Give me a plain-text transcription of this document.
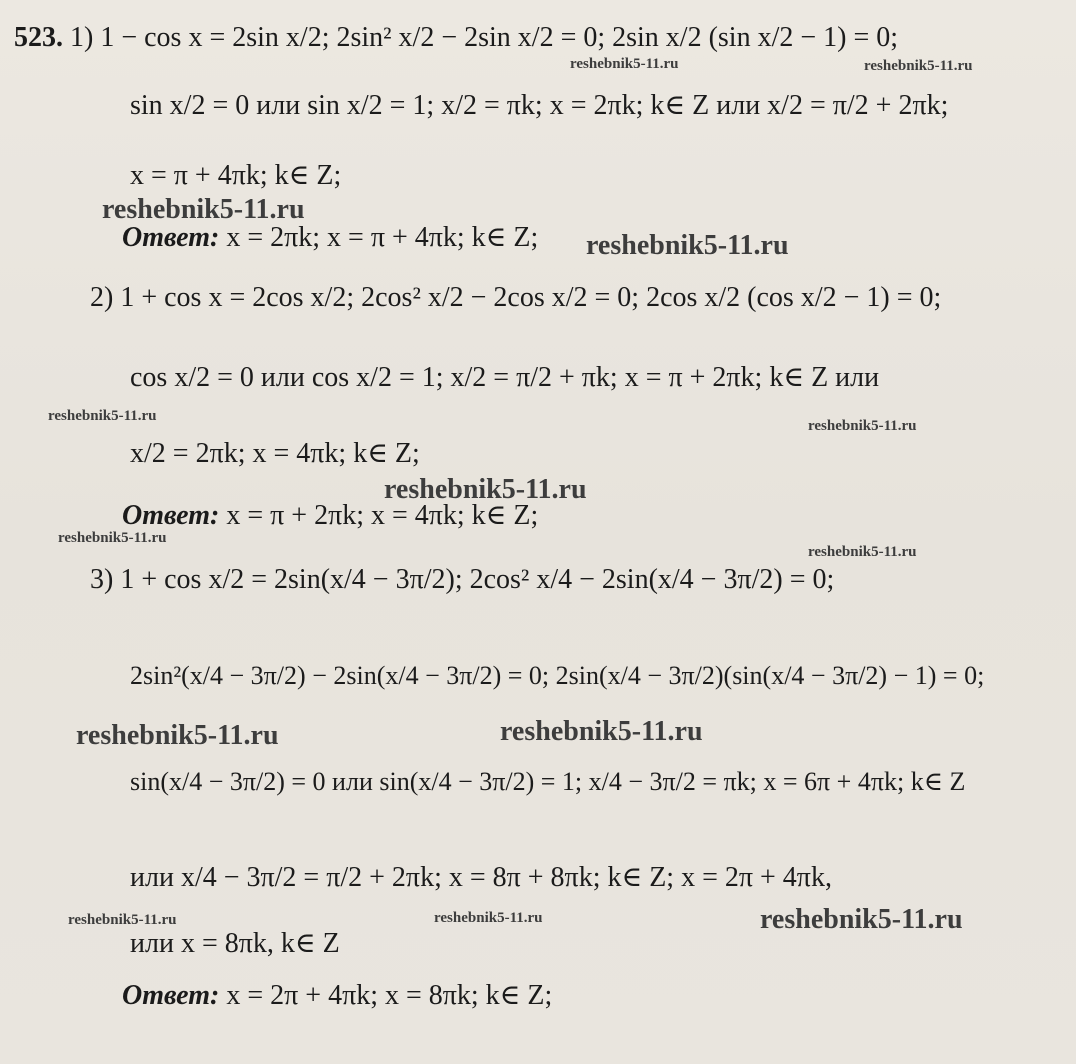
523. 1) 1 − cos x = 2sin x/2; 2sin² x/2 − 2sin x/2 = 0; 2sin x/2 (sin x/2 − 1) = 0;
sin x/2 = 0 или sin x/2 = 1; x/2 = πk; x = 2πk; k∈ Z или x/2 = π/2 + 2πk;
x = π + 4πk; k∈ Z;
Ответ: x = 2πk; x = π + 4πk; k∈ Z;
2) 1 + cos x = 2cos x/2; 2cos² x/2 − 2cos x/2 = 0; 2cos x/2 (cos x/2 − 1) = 0;
cos x/2 = 0 или cos x/2 = 1; x/2 = π/2 + πk; x = π + 2πk; k∈ Z или
x/2 = 2πk; x = 4πk; k∈ Z;
Ответ: x = π + 2πk; x = 4πk; k∈ Z;
3) 1 + cos x/2 = 2sin(x/4 − 3π/2); 2cos² x/4 − 2sin(x/4 − 3π/2) = 0;
2sin²(x/4 − 3π/2) − 2sin(x/4 − 3π/2) = 0; 2sin(x/4 − 3π/2)(sin(x/4 − 3π/2) − 1) = 0;
sin(x/4 − 3π/2) = 0 или sin(x/4 − 3π/2) = 1; x/4 − 3π/2 = πk; x = 6π + 4πk; k∈ Z
или x/4 − 3π/2 = π/2 + 2πk; x = 8π + 8πk; k∈ Z; x = 2π + 4πk,
или x = 8πk, k∈ Z
Ответ: x = 2π + 4πk; x = 8πk; k∈ Z;
reshebnik5-11.ru	reshebnik5-11.ru
reshebnik5-11.ru
reshebnik5-11.ru
reshebnik5-11.ru
reshebnik5-11.ru
reshebnik5-11.ru
reshebnik5-11.ru
reshebnik5-11.ru
reshebnik5-11.ru	reshebnik5-11.ru
reshebnik5-11.ru	reshebnik5-11.ru	reshebnik5-11.ru
